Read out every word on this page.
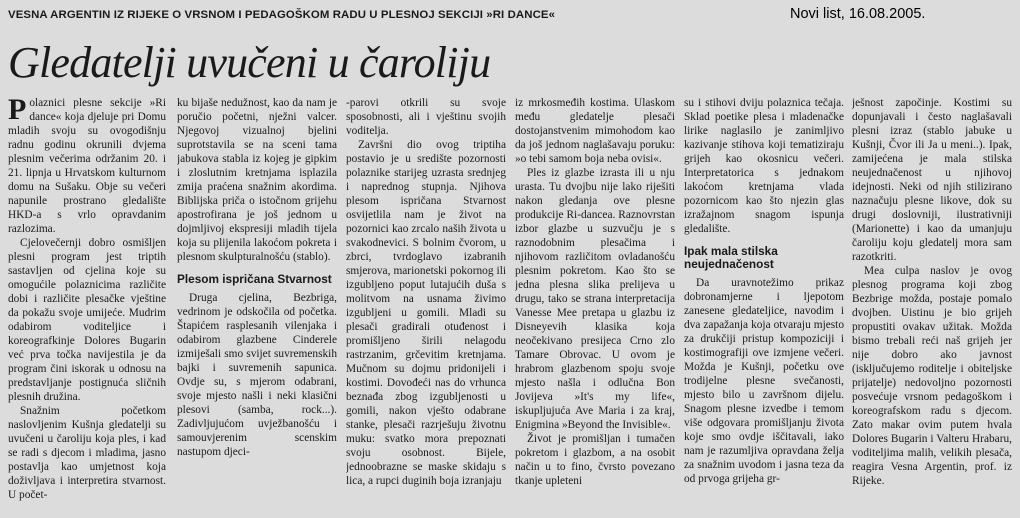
VESNA ARGENTIN IZ RIJEKE O VRSNOM I PEDAGOŠKOM RADU U PLESNOJ SEKCIJI »RI DANCE«	Novi list, 16.08.2005.
Gledatelji uvučeni u čaroliju

Polaznici plesne sekcije »Ri dance« koja djeluje pri Domu mladih svoju su ovogodišnju radnu godinu okrunili dvjema plesnim večerima održanim 20. i 21. lipnja u Hrvatskom kulturnom domu na Sušaku. Obje su večeri napunile prostrano gledalište HKD-a s vrlo opravdanim razlozima.

Cjelovečernji dobro osmišljen plesni program jest triptih sastavljen od cjelina koje su omogućile polaznicima različite dobi i različite plesačke vještine da pokažu svoje umijeće. Mudrim odabirom voditeljice i koreografkinje Dolores Bugarin već prva točka navijestila je da program čini iskorak u odnosu na predstavljanje postignuća sličnih plesnih družina.

Snažnim početkom naslovljenim Kušnja gledatelji su uvučeni u čaroliju koja ples, i kad se radi s djecom i mladima, jasno postavlja kao umjetnost koja doživljava i interpretira stvarnost. U počet-

ku bijaše nedužnost, kao da nam je poručio početni, nježni valcer. Njegovoj vizualnoj bjelini suprotstavila se na sceni tama jabukova stabla iz kojeg je gipkim i zloslutnim kretnjama isplazila zmija praćena snažnim akordima. Biblijska priča o istočnom grijehu apostrofirana je još jednom u dojmljivoj ekspresiji mladih tijela koja su plijenila lakoćom pokreta i plesnom skulpturalnošću (stablo).

Plesom ispričana Stvarnost

Druga cjelina, Bezbriga, vedrinom je odskočila od početka. Štapićem rasplesanih vilenjaka i odabirom glazbene Cinderele izmiješali smo svijet suvremenskih bajki i suvremenih sapunica. Ovdje su, s mjerom odabrani, svoje mjesto našli i neki klasični plesovi (samba, rock...). Zadivljujućom uvježbanošću i samouvjerenim scenskim nastupom djeci-

-parovi otkrili su svoje sposobnosti, ali i vještinu svojih voditelja.

Završni dio ovog triptiha postavio je u središte pozornosti polaznike starijeg uzrasta srednjeg i naprednog stupnja. Njihova plesom ispričana Stvarnost osvijetlila nam je život na pozornici kao zrcalo naših života u svakodnevici. S bolnim čvorom, u zbrci, tvrdoglavo izabranih smjerova, marionetski pokornog ili izgubljeno poput lutajućih duša s molitvom na usnama živimo izgubljeni u gomili. Mladi su plesači gradirali otuđenost i promišljeno širili nelagodu rastrzanim, grčevitim kretnjama. Mučnom su dojmu pridonijeli i kostimi. Dovođeći nas do vrhunca beznađa zbog izgubljenosti u gomili, nakon vješto odabrane stanke, plesači razrješuju životnu muku: svatko mora prepoznati svoju osobnost. Bijele, jednoobrazne se maske skidaju s lica, a rupci duginih boja izranjaju

iz mrkosmeđih kostima. Ulaskom među gledatelje plesači dostojanstvenim mimohodom kao da još jednom naglašavaju poruku: »o tebi samom boja neba ovisi«.

Ples iz glazbe izrasta ili u nju urasta. Tu dvojbu nije lako riješiti nakon gledanja ove plesne produkcije Ri-dancea. Raznovrstan izbor glazbe u suzvučju je s raznodobnim plesačima i njihovom različitom ovladanošću plesnim pokretom. Kao što se jedna plesna slika prelijeva u drugu, tako se strana interpretacija Vanesse Mee pretapa u glazbu iz Disneyevih klasika koja neočekivano presijeca Crno zlo Tamare Obrovac. U ovom je hrabrom glazbenom spoju svoje mjesto našla i odlučna Bon Jovijeva »It's my life«, iskupljujuća Ave Maria i za kraj, Enigmina »Beyond the Invisible«.

Život je promišljan i tumačen pokretom i glazbom, a na osobit način u to fino, čvrsto povezano tkanje upleteni

su i stihovi dviju polaznica tečaja. Sklad poetike plesa i mladenačke lirike naglasilo je zanimljivo kazivanje stihova koji tematiziraju grijeh kao okosnicu večeri. Interpretatorica s jednakom lakoćom kretnjama vlada pozornicom kao što njezin glas izražajnom snagom ispunja gledalište.

Ipak mala stilska neujednačenost

Da uravnotežimo prikaz dobronamjerne i ljepotom zanesene gledateljice, navodim i dva zapažanja koja otvaraju mjesto za drukčiji pristup kompoziciji i kostimografiji ove izmjene večeri. Možda je Kušnji, početku ove trodijelne plesne svečanosti, mjesto bilo u završnom dijelu. Snagom plesne izvedbe i temom više odgovara promišljanju života koje smo ovdje iščitavali, iako nam je razumljiva opravdana želja za snažnim uvodom i jasna teza da od prvoga grijeha gr-

ješnost započinje. Kostimi su dopunjavali i često naglašavali plesni izraz (stablo jabuke u Kušnji, Čvor ili Ja u meni..). Ipak, zamijećena je mala stilska neujednačenost u njihovoj idejnosti. Neki od njih stilizirano naznačuju plesne likove, dok su drugi doslovniji, ilustrativniji (Marionette) i kao da umanjuju čaroliju koju gledatelj mora sam razotkriti.

Mea culpa naslov je ovog plesnog programa koji zbog Bezbrige možda, postaje pomalo dvojben. Uistinu je bio grijeh propustiti ovakav užitak. Možda bismo trebali reći naš grijeh jer nije dobro ako javnost (isključujemo roditelje i obiteljske prijatelje) nedovoljno pozornosti posvećuje vrsnom pedagoškom i koreografskom radu s djecom. Zato makar ovim putem hvala Dolores Bugarin i Valteru Hrabaru, voditeljima malih, velikih plesača, reagira Vesna Argentin, prof. iz Rijeke.
